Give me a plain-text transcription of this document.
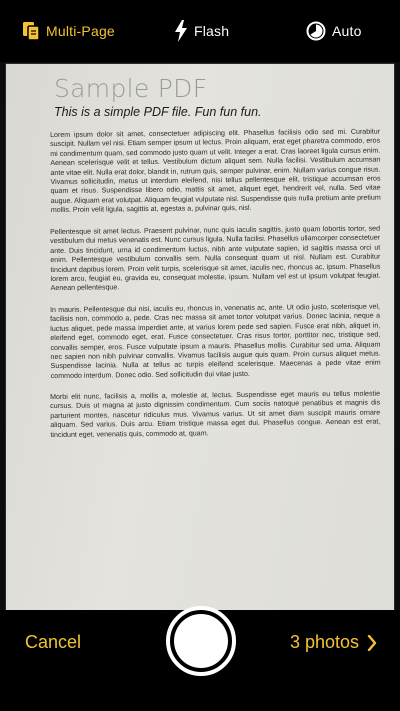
Multi-Page	Flash	Auto
Sample PDF
This is a simple PDF file. Fun fun fun.

Lorem ipsum dolor sit amet, consectetuer adipiscing elit. Phasellus facilisis odio sed mi. Curabitur suscipit. Nullam vel nisi. Etiam semper ipsum ut lectus. Proin aliquam, erat eget pharetra commodo, eros mi condimentum quam, sed commodo justo quam ut velit. Integer a erat. Cras laoreet ligula cursus enim. Aenean scelerisque velit et tellus. Vestibulum dictum aliquet sem. Nulla facilisi. Vestibulum accumsan ante vitae elit. Nulla erat dolor, blandit in, rutrum quis, semper pulvinar, enim. Nullam varius congue risus. Vivamus sollicitudin, metus ut interdum eleifend, nisi tellus pellentesque elit, tristique accumsan eros quam et risus. Suspendisse libero odio, mattis sit amet, aliquet eget, hendrerit vel, nulla. Sed vitae augue. Aliquam erat volutpat. Aliquam feugiat vulputate nisl. Suspendisse quis nulla pretium ante pretium mollis. Proin velit ligula, sagittis at, egestas a, pulvinar quis, nisl.

Pellentesque sit amet lectus. Praesent pulvinar, nunc quis iaculis sagittis, justo quam lobortis tortor, sed vestibulum dui metus venenatis est. Nunc cursus ligula. Nulla facilisi. Phasellus ullamcorper consectetuer ante. Duis tincidunt, urna id condimentum luctus, nibh ante vulputate sapien, id sagittis massa orci ut enim. Pellentesque vestibulum convallis sem. Nulla consequat quam ut nisl. Nullam est. Curabitur tincidunt dapibus lorem. Proin velit turpis, scelerisque sit amet, iaculis nec, rhoncus ac, ipsum. Phasellus lorem arcu, feugiat eu, gravida eu, consequat molestie, ipsum. Nullam vel est ut ipsum volutpat feugiat. Aenean pellentesque.

In mauris. Pellentesque dui nisi, iaculis eu, rhoncus in, venenatis ac, ante. Ut odio justo, scelerisque vel, facilisis non, commodo a, pede. Cras nec massa sit amet tortor volutpat varius. Donec lacinia, neque a luctus aliquet, pede massa imperdiet ante, at varius lorem pede sed sapien. Fusce erat nibh, aliquet in, eleifend eget, commodo eget, erat. Fusce consectetuer. Cras risus tortor, porttitor nec, tristique sed, convallis semper, eros. Fusce vulputate ipsum a mauris. Phasellus mollis. Curabitur sed urna. Aliquam nec sapien non nibh pulvinar convallis. Vivamus facilisis augue quis quam. Proin cursus aliquet metus. Suspendisse lacinia. Nulla at tellus ac turpis eleifend scelerisque. Maecenas a pede vitae enim commodo interdum. Donec odio. Sed sollicitudin dui vitae justo.

Morbi elit nunc, facilisis a, mollis a, molestie at, lectus. Suspendisse eget mauris eu tellus molestie cursus. Duis ut magna at justo dignissim condimentum. Cum sociis natoque penatibus et magnis dis parturient montes, nascetur ridiculus mus. Vivamus varius. Ut sit amet diam suscipit mauris ornare aliquam. Sed varius. Duis arcu. Etiam tristique massa eget dui. Phasellus congue. Aenean est erat, tincidunt eget, venenatis quis, commodo at, quam.

Cancel	3 photos
